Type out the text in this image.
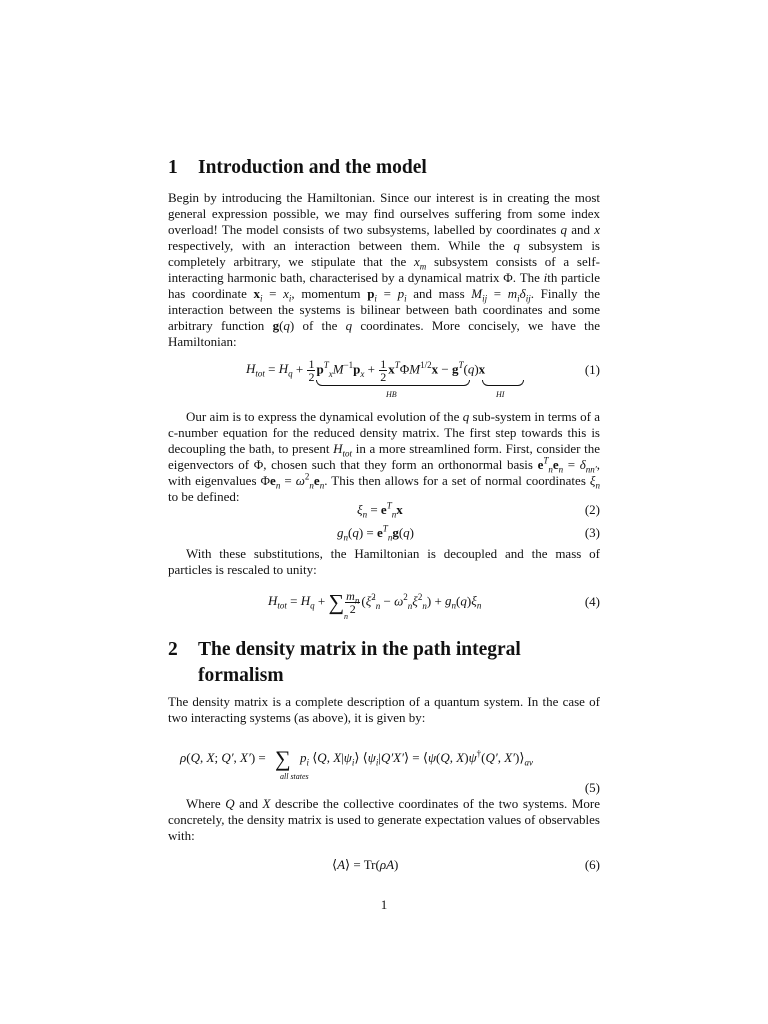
1	Introduction and the model
Begin by introducing the Hamiltonian. Since our interest is in creating the most general expression possible, we may find ourselves suffering from some index overload! The model consists of two subsystems, labelled by coordinates q and x respectively, with an interaction between them. While the q subsystem is completely arbitrary, we stipulate that the $x_m$ subsystem consists of a self-interacting harmonic bath, characterised by a dynamical matrix Φ. The ith particle has coordinate $x_i = x_i$, momentum $p_i = p_i$ and mass $M_{ij} = m_i\delta_{ij}$. Finally the interaction between the systems is bilinear between bath coordinates and some arbitrary function g(q) of the q coordinates. More concisely, we have the Hamiltonian:
$H_{tot} = H_q + \frac{1}{2} p^T_xM^{-1}p_x + \frac{1}{2} x^T\Phi M^{1/2}x - g^T(q)x$
HB	HI
(1)
Our aim is to express the dynamical evolution of the q sub-system in terms of a c-number equation for the reduced density matrix. The first step towards this is decoupling the bath, to present $H_{tot}$ in a more streamlined form. First, consider the eigenvectors of Φ, chosen such that they form an orthonormal basis $e^T_ne_n = \delta_{nn'}$, with eigenvalues $\Phi e_n = \omega^2_ne_n$. This then allows for a set of normal coordinates $\xi_n$ to be defined:
$\xi_n = e^T_nx$	(2)
$g_n(q) = e^T_ng(q)$	(3)
With these substitutions, the Hamiltonian is decoupled and the mass of particles is rescaled to unity:
$H_{tot} = H_q$ + ∑ $\frac{m_n}{2}$ (ξ̇$^2_n$ − $\omega^2_n\xi^2_n) + g_n(q)\xi_n$
n
(4)
2	The density matrix in the path integral formalism
The density matrix is a complete description of a quantum system. In the case of two interacting systems (as above), it is given by:
ρ(Q, X; Q′, X′) = ∑ $p_i$ ⟨Q, $X|\psi_i⟩$ $⟨\psi_i|Q'X'⟩$ = ⟨ψ(Q, X)ψ†(Q′, $X')⟩_{av}$
all states
(5)
Where Q and X describe the collective coordinates of the two systems. More concretely, the density matrix is used to generate expectation values of observables with:
⟨A⟩ = Tr(ρA)	(6)
1
